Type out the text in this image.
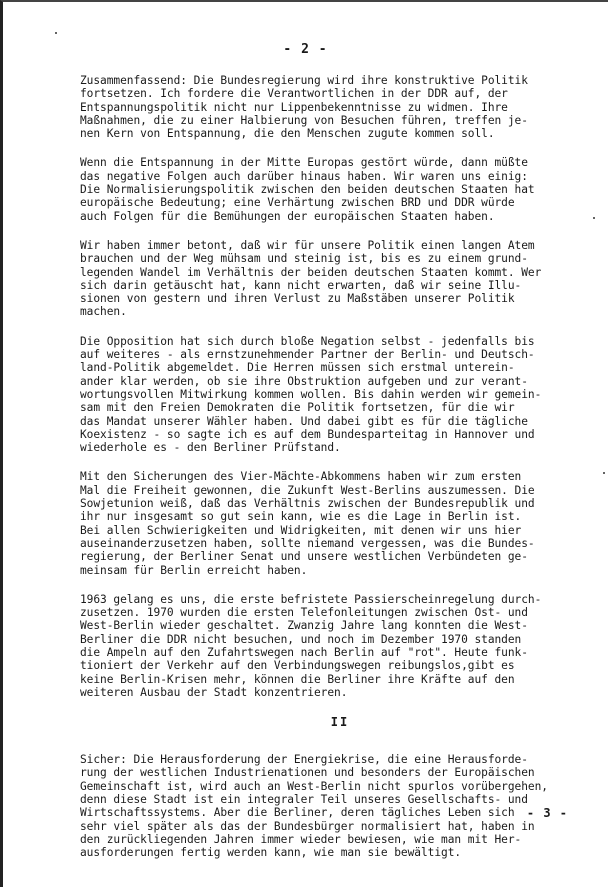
- 2 -

Zusammenfassend: Die Bundesregierung wird ihre konstruktive Politik
fortsetzen. Ich fordere die Verantwortlichen in der DDR auf, der
Entspannungspolitik nicht nur Lippenbekenntnisse zu widmen. Ihre
Maßnahmen, die zu einer Halbierung von Besuchen führen, treffen je-
nen Kern von Entspannung, die den Menschen zugute kommen soll.

Wenn die Entspannung in der Mitte Europas gestört würde, dann müßte
das negative Folgen auch darüber hinaus haben. Wir waren uns einig:
Die Normalisierungspolitik zwischen den beiden deutschen Staaten hat
europäische Bedeutung; eine Verhärtung zwischen BRD und DDR würde
auch Folgen für die Bemühungen der europäischen Staaten haben.

Wir haben immer betont, daß wir für unsere Politik einen langen Atem
brauchen und der Weg mühsam und steinig ist, bis es zu einem grund-
legenden Wandel im Verhältnis der beiden deutschen Staaten kommt. Wer
sich darin getäuscht hat, kann nicht erwarten, daß wir seine Illu-
sionen von gestern und ihren Verlust zu Maßstäben unserer Politik
machen.

Die Opposition hat sich durch bloße Negation selbst - jedenfalls bis
auf weiteres - als ernstzunehmender Partner der Berlin- und Deutsch-
land-Politik abgemeldet. Die Herren müssen sich erstmal unterein-
ander klar werden, ob sie ihre Obstruktion aufgeben und zur verant-
wortungsvollen Mitwirkung kommen wollen. Bis dahin werden wir gemein-
sam mit den Freien Demokraten die Politik fortsetzen, für die wir
das Mandat unserer Wähler haben. Und dabei gibt es für die tägliche
Koexistenz - so sagte ich es auf dem Bundesparteitag in Hannover und
wiederhole es - den Berliner Prüfstand.

Mit den Sicherungen des Vier-Mächte-Abkommens haben wir zum ersten
Mal die Freiheit gewonnen, die Zukunft West-Berlins auszumessen. Die
Sowjetunion weiß, daß das Verhältnis zwischen der Bundesrepublik und
ihr nur insgesamt so gut sein kann, wie es die Lage in Berlin ist.
Bei allen Schwierigkeiten und Widrigkeiten, mit denen wir uns hier
auseinanderzusetzen haben, sollte niemand vergessen, was die Bundes-
regierung, der Berliner Senat und unsere westlichen Verbündeten ge-
meinsam für Berlin erreicht haben.

1963 gelang es uns, die erste befristete Passierscheinregelung durch-
zusetzen. 1970 wurden die ersten Telefonleitungen zwischen Ost- und
West-Berlin wieder geschaltet. Zwanzig Jahre lang konnten die West-
Berliner die DDR nicht besuchen, und noch im Dezember 1970 standen
die Ampeln auf den Zufahrtswegen nach Berlin auf "rot". Heute funk-
tioniert der Verkehr auf den Verbindungswegen reibungslos,gibt es
keine Berlin-Krisen mehr, können die Berliner ihre Kräfte auf den
weiteren Ausbau der Stadt konzentrieren.

II

Sicher: Die Herausforderung der Energiekrise, die eine Herausforde-
rung der westlichen Industrienationen und besonders der Europäischen
Gemeinschaft ist, wird auch an West-Berlin nicht spurlos vorübergehen,
denn diese Stadt ist ein integraler Teil unseres Gesellschafts- und
Wirtschaftssystems. Aber die Berliner, deren tägliches Leben sich
sehr viel später als das der Bundesbürger normalisiert hat, haben in
den zurückliegenden Jahren immer wieder bewiesen, wie man mit Her-
ausforderungen fertig werden kann, wie man sie bewältigt.

- 3 -
